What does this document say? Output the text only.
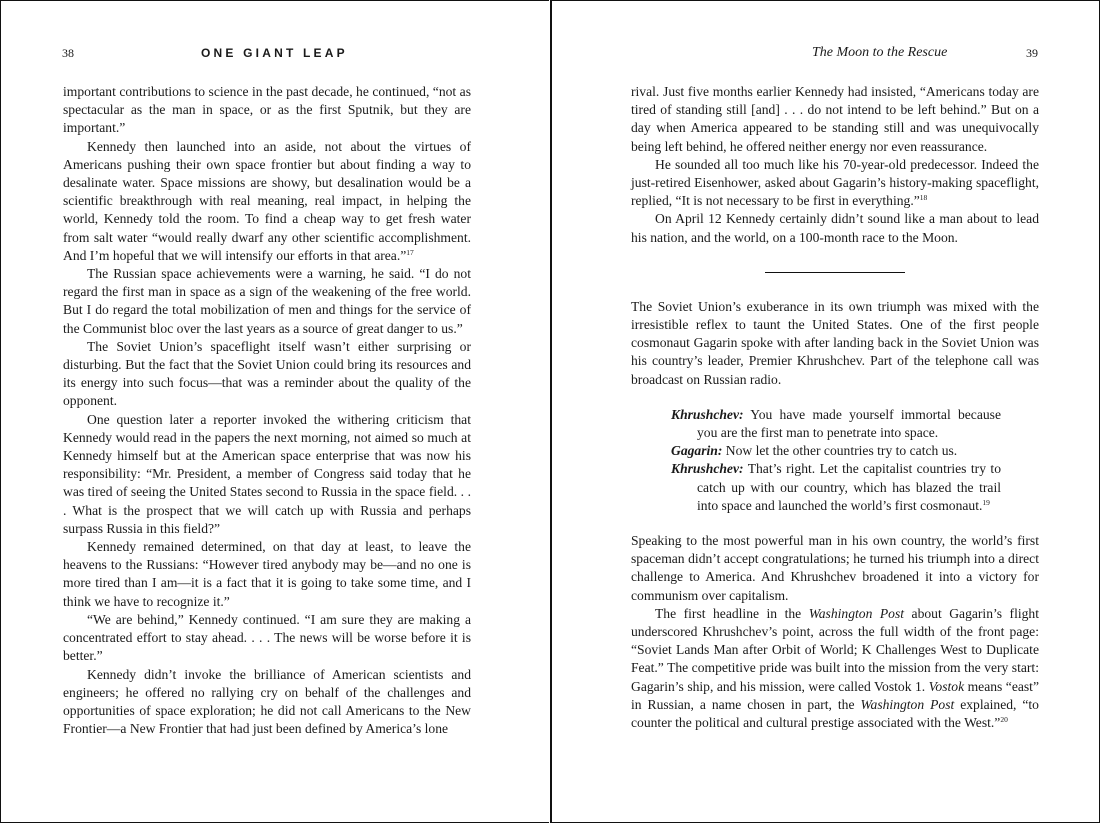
38	ONE GIANT LEAP

important contributions to science in the past decade, he continued, “not as spectacular as the man in space, or as the first Sputnik, but they are important.”

Kennedy then launched into an aside, not about the virtues of Americans pushing their own space frontier but about finding a way to desalinate water. Space missions are showy, but desalination would be a scientific breakthrough with real meaning, real impact, in helping the world, Kennedy told the room. To find a cheap way to get fresh water from salt water “would really dwarf any other scientific accomplishment. And I’m hopeful that we will intensify our efforts in that area.”$^{17}$

The Russian space achievements were a warning, he said. “I do not regard the first man in space as a sign of the weakening of the free world. But I do regard the total mobilization of men and things for the service of the Communist bloc over the last years as a source of great danger to us.”

The Soviet Union’s spaceflight itself wasn’t either surprising or disturbing. But the fact that the Soviet Union could bring its resources and its energy into such focus—that was a reminder about the quality of the opponent.

One question later a reporter invoked the withering criticism that Kennedy would read in the papers the next morning, not aimed so much at Kennedy himself but at the American space enterprise that was now his responsibility: “Mr. President, a member of Congress said today that he was tired of seeing the United States second to Russia in the space field. . . . What is the prospect that we will catch up with Russia and perhaps surpass Russia in this field?”

Kennedy remained determined, on that day at least, to leave the heavens to the Russians: “However tired anybody may be—and no one is more tired than I am—it is a fact that it is going to take some time, and I think we have to recognize it.”

“We are behind,” Kennedy continued. “I am sure they are making a concentrated effort to stay ahead. . . . The news will be worse before it is better.”

Kennedy didn’t invoke the brilliance of American scientists and engineers; he offered no rallying cry on behalf of the challenges and opportunities of space exploration; he did not call Americans to the New Frontier—a New Frontier that had just been defined by America’s lone

The Moon to the Rescue	39

rival. Just five months earlier Kennedy had insisted, “Americans today are tired of standing still [and] . . . do not intend to be left behind.” But on a day when America appeared to be standing still and was unequivocally being left behind, he offered neither energy nor even reassurance.

He sounded all too much like his 70-year-old predecessor. Indeed the just-retired Eisenhower, asked about Gagarin’s history-making spaceflight, replied, “It is not necessary to be first in everything.”$^{18}$

On April 12 Kennedy certainly didn’t sound like a man about to lead his nation, and the world, on a 100-month race to the Moon.

The Soviet Union’s exuberance in its own triumph was mixed with the irresistible reflex to taunt the United States. One of the first people cosmonaut Gagarin spoke with after landing back in the Soviet Union was his country’s leader, Premier Khrushchev. Part of the telephone call was broadcast on Russian radio.

Khrushchev: You have made yourself immortal because you are the first man to penetrate into space.
Gagarin: Now let the other countries try to catch us.
Khrushchev: That’s right. Let the capitalist countries try to catch up with our country, which has blazed the trail into space and launched the world’s first cosmonaut.$^{19}$

Speaking to the most powerful man in his own country, the world’s first spaceman didn’t accept congratulations; he turned his triumph into a direct challenge to America. And Khrushchev broadened it into a victory for communism over capitalism.

The first headline in the Washington Post about Gagarin’s flight underscored Khrushchev’s point, across the full width of the front page: “Soviet Lands Man after Orbit of World; K Challenges West to Duplicate Feat.” The competitive pride was built into the mission from the very start: Gagarin’s ship, and his mission, were called Vostok 1. Vostok means “east” in Russian, a name chosen in part, the Washington Post explained, “to counter the political and cultural prestige associated with the West.”$^{20}$
